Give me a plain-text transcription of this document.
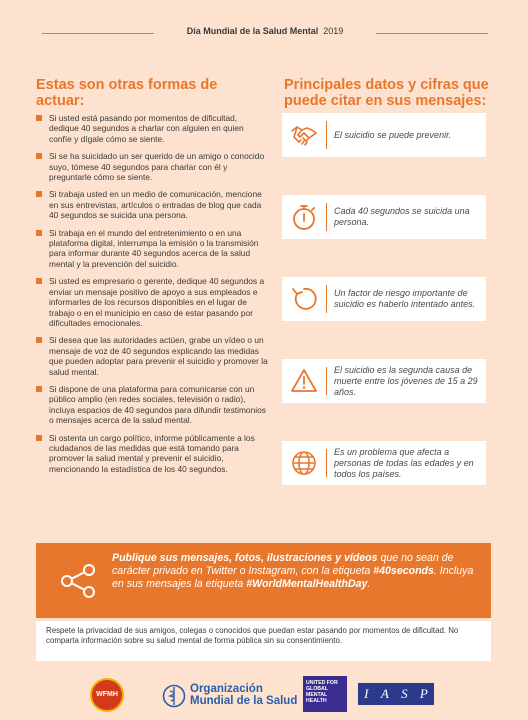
Día Mundial de la Salud Mental 2019
Estas son otras formas de actuar:
Principales datos y cifras que puede citar en sus mensajes:
Si usted está pasando por momentos de dificultad, dedique 40 segundos a charlar con alguien en quien confíe y dígale cómo se siente.
Si se ha suicidado un ser querido de un amigo o conocido suyo, tómese 40 segundos para charlar con él y preguntarle cómo se siente.
Si trabaja usted en un medio de comunicación, mencione en sus entrevistas, artículos o entradas de blog que cada 40 segundos se suicida una persona.
Si trabaja en el mundo del entretenimiento o en una plataforma digital, interrumpa la emisión o la transmisión para informar durante 40 segundos acerca de la salud mental y la prevención del suicidio.
Si usted es empresario o gerente, dedique 40 segundos a enviar un mensaje positivo de apoyo a sus empleados e informarles de los recursos disponibles en el lugar de trabajo o en el municipio en caso de estar pasando por dificultades emocionales.
Si desea que las autoridades actúen, grabe un vídeo o un mensaje de voz de 40 segundos explicando las medidas que pueden adoptar para prevenir el suicidio y promover la salud mental.
Si dispone de una plataforma para comunicarse con un público amplio (en redes sociales, televisión o radio), incluya espacios de 40 segundos para difundir testimonios o mensajes acerca de la salud mental.
Si ostenta un cargo político, informe públicamente a los ciudadanos de las medidas que está tomando para promover la salud mental y prevenir el suicidio, mencionando la estadística de los 40 segundos.
El suicidio se puede prevenir.
Cada 40 segundos se suicida una persona.
Un factor de riesgo importante de suicidio es haberlo intentado antes.
El suicidio es la segunda causa de muerte entre los jóvenes de 15 a 29 años.
Es un problema que afecta a personas de todas las edades y en todos los países.
Publique sus mensajes, fotos, ilustraciones y vídeos que no sean de carácter privado en Twitter o Instagram, con la etiqueta #40seconds. Incluya en sus mensajes la etiqueta #WorldMentalHealthDay.
Respete la privacidad de sus amigos, colegas o conocidos que puedan estar pasando por momentos de dificultad. No comparta información sobre su salud mental de forma pública sin su consentimiento.
WFMH	Organización
Mundial de la Salud
UNITED FOR GLOBAL MENTAL HEALTH	I A S P
